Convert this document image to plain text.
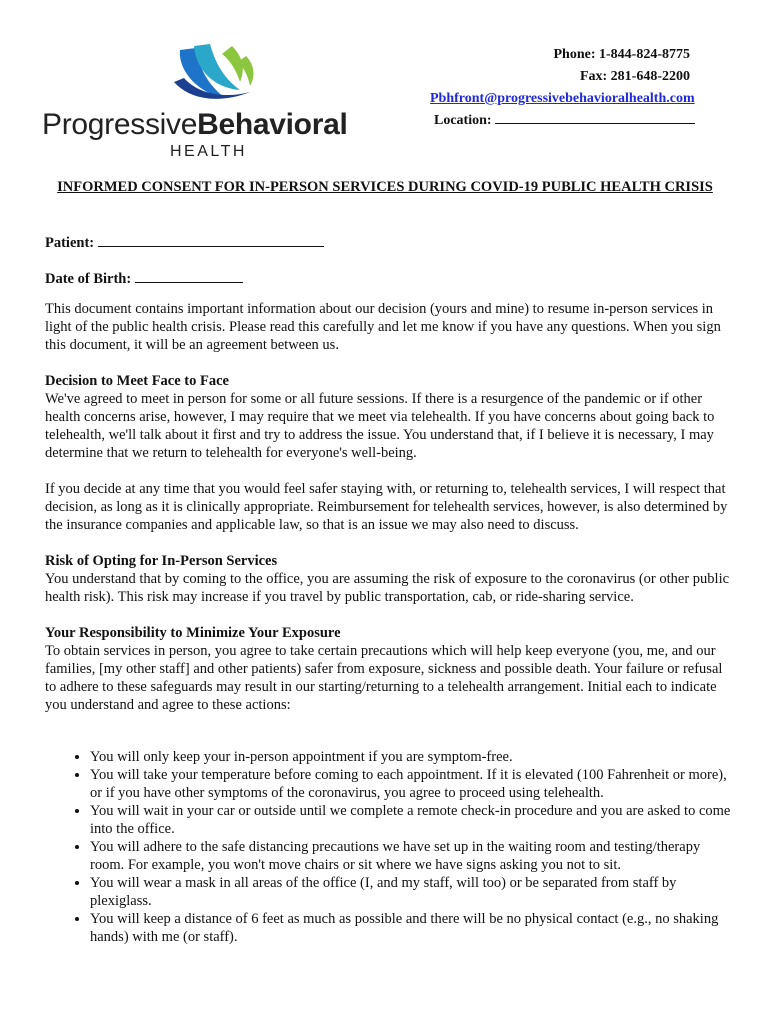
ProgressiveBehavioral
HEALTH
Phone: 1-844-824-8775
Fax: 281-648-2200
Pbhfront@progressivebehavioralhealth.com
Location:
INFORMED CONSENT FOR IN-PERSON SERVICES DURING COVID-19 PUBLIC HEALTH CRISIS
Patient:
Date of Birth:

This document contains important information about our decision (yours and mine) to resume in-person services in light of the public health crisis. Please read this carefully and let me know if you have any questions. When you sign this document, it will be an agreement between us.

Decision to Meet Face to Face

We've agreed to meet in person for some or all future sessions. If there is a resurgence of the pandemic or if other health concerns arise, however, I may require that we meet via telehealth. If you have concerns about going back to telehealth, we'll talk about it first and try to address the issue. You understand that, if I believe it is necessary, I may determine that we return to telehealth for everyone's well-being.

If you decide at any time that you would feel safer staying with, or returning to, telehealth services, I will respect that decision, as long as it is clinically appropriate. Reimbursement for telehealth services, however, is also determined by the insurance companies and applicable law, so that is an issue we may also need to discuss.

Risk of Opting for In-Person Services

You understand that by coming to the office, you are assuming the risk of exposure to the coronavirus (or other public health risk). This risk may increase if you travel by public transportation, cab, or ride-sharing service.

Your Responsibility to Minimize Your Exposure

To obtain services in person, you agree to take certain precautions which will help keep everyone (you, me, and our families, [my other staff] and other patients) safer from exposure, sickness and possible death. Your failure or refusal to adhere to these safeguards may result in our starting/returning to a telehealth arrangement. Initial each to indicate you understand and agree to these actions:

• You will only keep your in-person appointment if you are symptom-free.
• You will take your temperature before coming to each appointment. If it is elevated (100 Fahrenheit or more), or if you have other symptoms of the coronavirus, you agree to proceed using telehealth.
• You will wait in your car or outside until we complete a remote check-in procedure and you are asked to come into the office.
• You will adhere to the safe distancing precautions we have set up in the waiting room and testing/therapy room. For example, you won't move chairs or sit where we have signs asking you not to sit.
• You will wear a mask in all areas of the office (I, and my staff, will too) or be separated from staff by plexiglass.
• You will keep a distance of 6 feet as much as possible and there will be no physical contact (e.g., no shaking hands) with me (or staff).
